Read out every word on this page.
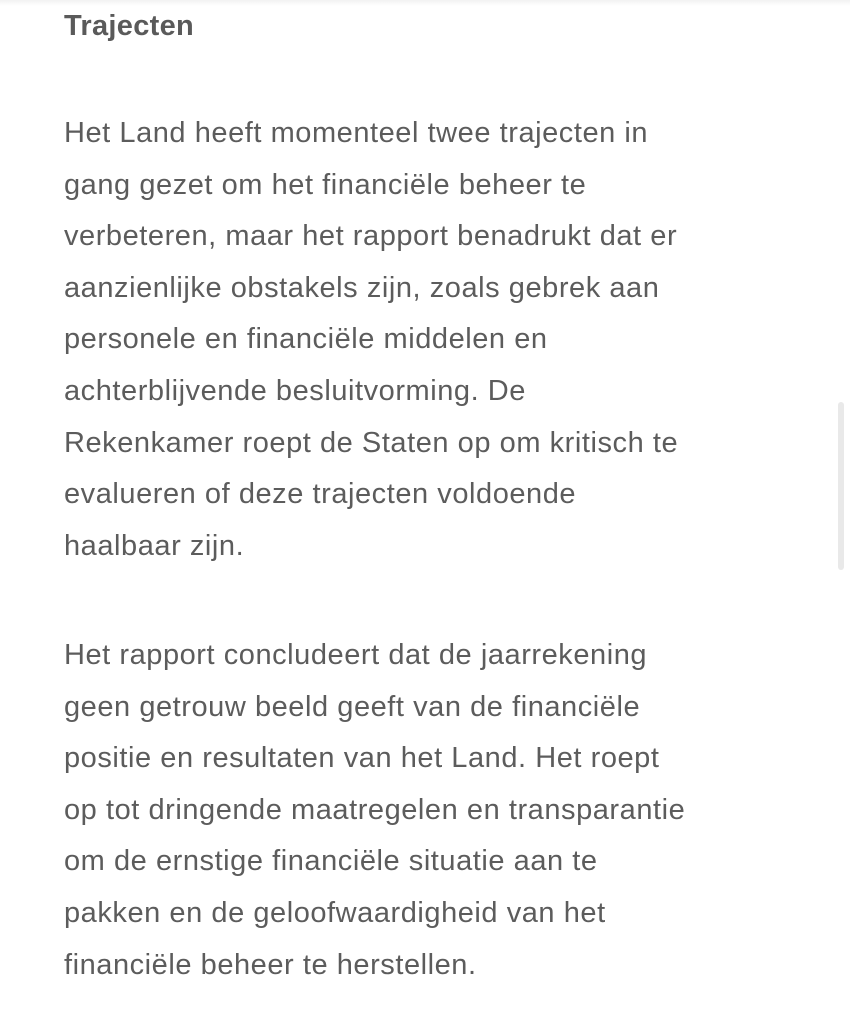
Trajecten

Het Land heeft momenteel twee trajecten in
gang gezet om het financiële beheer te
verbeteren, maar het rapport benadrukt dat er
aanzienlijke obstakels zijn, zoals gebrek aan
personele en financiële middelen en
achterblijvende besluitvorming. De
Rekenkamer roept de Staten op om kritisch te
evalueren of deze trajecten voldoende
haalbaar zijn.

Het rapport concludeert dat de jaarrekening
geen getrouw beeld geeft van de financiële
positie en resultaten van het Land. Het roept
op tot dringende maatregelen en transparantie
om de ernstige financiële situatie aan te
pakken en de geloofwaardigheid van het
financiële beheer te herstellen.
